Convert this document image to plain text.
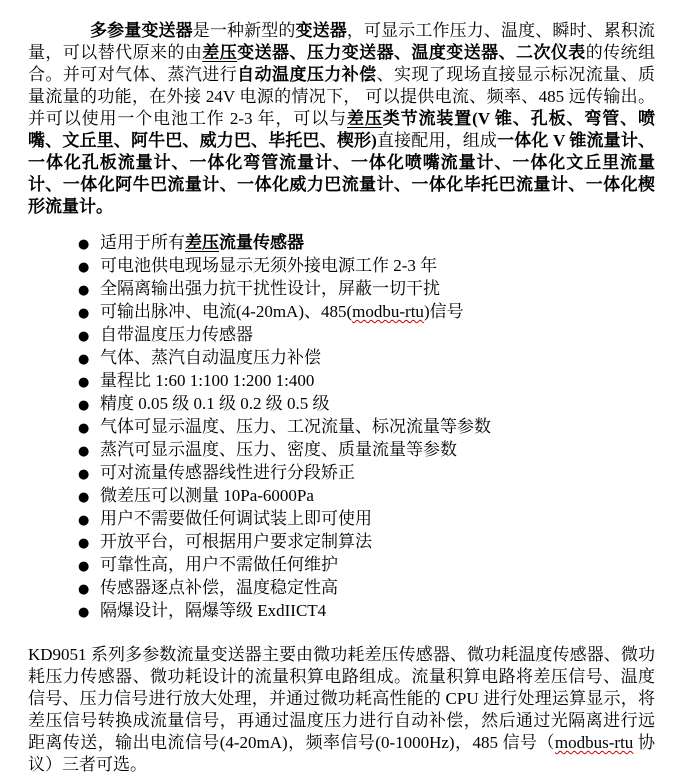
多参量变送器是一种新型的变送器，可显示工作压力、温度、瞬时、累积流量，可以替代原来的由差压变送器、压力变送器、温度变送器、二次仪表的传统组合。并可对气体、蒸汽进行自动温度压力补偿、实现了现场直接显示标况流量、质量流量的功能，在外接 24V 电源的情况下， 可以提供电流、频率、485 远传输出。并可以使用一个电池工作 2-3 年，可以与差压类节流装置(V 锥、孔板、弯管、喷嘴、文丘里、阿牛巴、威力巴、毕托巴、楔形)直接配用，组成一体化 V 锥流量计、一体化孔板流量计、一体化弯管流量计、一体化喷嘴流量计、一体化文丘里流量计、一体化阿牛巴流量计、一体化威力巴流量计、一体化毕托巴流量计、一体化楔形流量计。

● 适用于所有差压流量传感器
● 可电池供电现场显示无须外接电源工作 2-3 年
● 全隔离输出强力抗干扰性设计，屏蔽一切干扰
● 可输出脉冲、电流(4-20mA)、485(modbu-rtu)信号
● 自带温度压力传感器
● 气体、蒸汽自动温度压力补偿
● 量程比 1:60 1:100 1:200 1:400
● 精度 0.05 级 0.1 级 0.2 级 0.5 级
● 气体可显示温度、压力、工况流量、标况流量等参数
● 蒸汽可显示温度、压力、密度、质量流量等参数
● 可对流量传感器线性进行分段矫正
● 微差压可以测量 10Pa-6000Pa
● 用户不需要做任何调试装上即可使用
● 开放平台，可根据用户要求定制算法
● 可靠性高，用户不需做任何维护
● 传感器逐点补偿，温度稳定性高
● 隔爆设计，隔爆等级 ExdIICT4

KD9051 系列多参数流量变送器主要由微功耗差压传感器、微功耗温度传感器、微功耗压力传感器、微功耗设计的流量积算电路组成。流量积算电路将差压信号、温度信号、压力信号进行放大处理，并通过微功耗高性能的 CPU 进行处理运算显示，将差压信号转换成流量信号，再通过温度压力进行自动补偿，然后通过光隔离进行远距离传送，输出电流信号(4-20mA)，频率信号(0-1000Hz)，485 信号（modbus-rtu 协议）三者可选。
